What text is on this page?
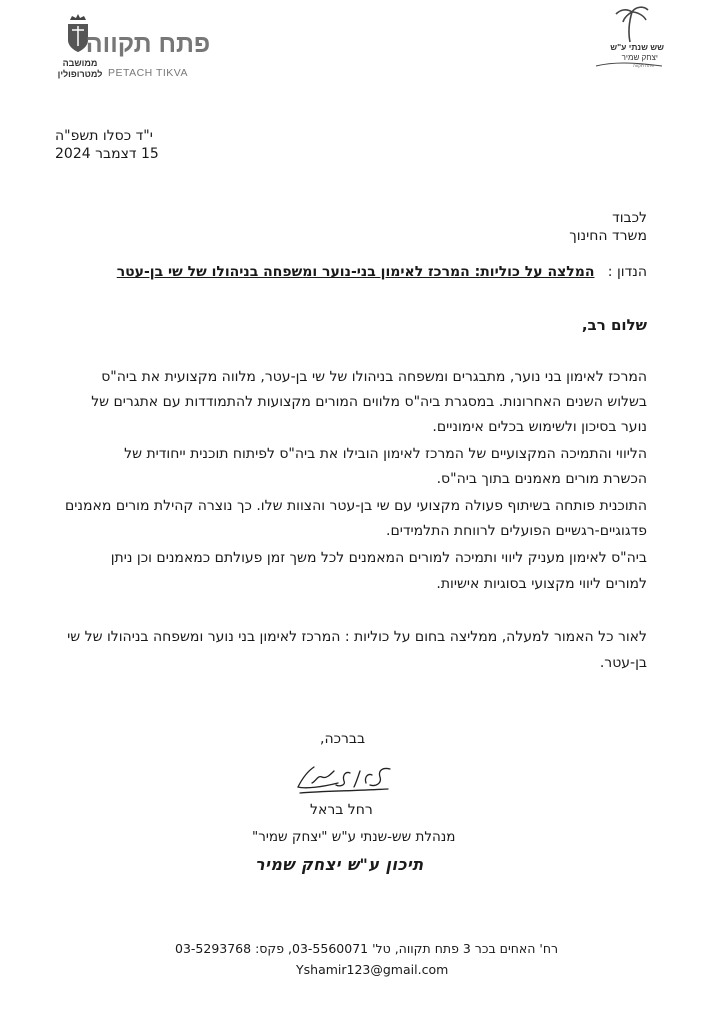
שש שנתי ע"ש
יצחק שמיר
פתח תקווה
ממושבה
למטרופולין
פתח תקווה
PETACH TIKVA
י"ד כסלו תשפ"ה
15 דצמבר 2024
לכבוד
משרד החינוך
הנדון :   המלצה על כוליות: המרכז לאימון בני-נוער ומשפחה בניהולו של שי בן-עטר
שלום רב,
המרכז לאימון בני נוער, מתבגרים ומשפחה בניהולו של שי בן-עטר, מלווה מקצועית את ביה"ס
בשלוש השנים האחרונות. במסגרת ביה"ס מלווים המורים מקצועות להתמודדות עם אתגרים של
נוער בסיכון ולשימוש בכלים אימוניים.
הליווי והתמיכה המקצועיים של המרכז לאימון הובילו את ביה"ס לפיתוח תוכנית ייחודית של
הכשרת מורים מאמנים בתוך ביה"ס.
התוכנית פותחה בשיתוף פעולה מקצועי עם שי בן-עטר והצוות שלו. כך נוצרה קהילת מורים מאמנים
פדגוגיים-רגשיים הפועלים לרווחת התלמידים.
ביה"ס לאימון מעניק ליווי ותמיכה למורים המאמנים לכל משך זמן פעולתם כמאמנים וכן ניתן
למורים ליווי מקצועי בסוגיות אישיות.
לאור כל האמור למעלה, ממליצה בחום על כוליות : המרכז לאימון בני נוער ומשפחה בניהולו של שי
בן-עטר.
בברכה,
רחל בראל
מנהלת שש-שנתי ע"ש "יצחק שמיר"
תיכון ע"ש יצחק שמיר
רח' האחים בכר 3 פתח תקווה, טל' 03-5560071, פקס: 03-5293768
Yshamir123@gmail.com
